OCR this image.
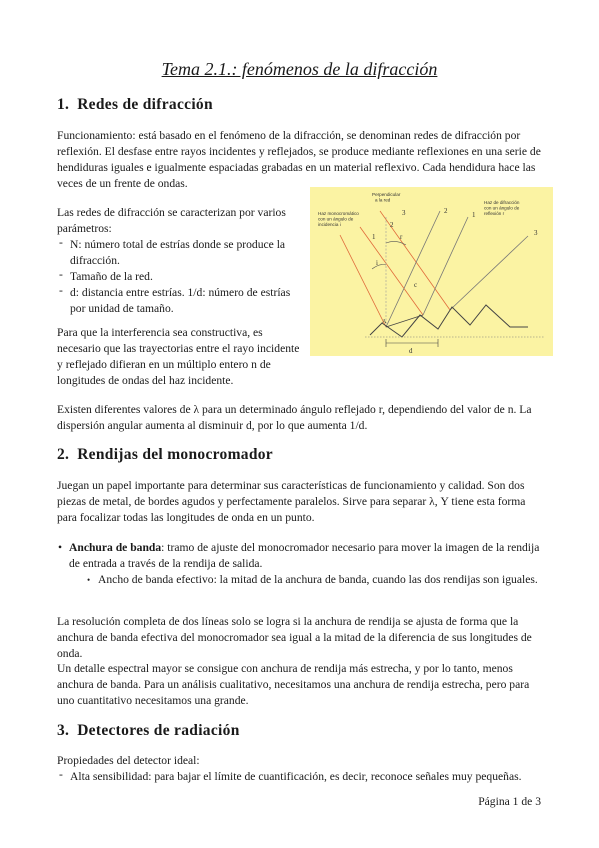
Tema 2.1.: fenómenos de la difracción
1. Redes de difracción

Funcionamiento: está basado en el fenómeno de la difracción, se denominan redes de difracción por reflexión. El desfase entre rayos incidentes y reflejados, se produce mediante reflexiones en una serie de hendiduras iguales e igualmente espaciadas grabadas en un material reflexivo. Cada hendidura hace las veces de un frente de ondas.

Las redes de difracción se caracterizan por varios parámetros:
- N: número total de estrías donde se produce la difracción.
- Tamaño de la red.
- d: distancia entre estrías. 1/d: número de estrías por unidad de tamaño.

Para que la interferencia sea constructiva, es necesario que las trayectorias entre el rayo incidente y reflejado difieran en un múltiplo entero n de longitudes de ondas del haz incidente.

Haz monocromático con un ángulo de incidencia i
Perpendicular a la red	Haz de difracción con un ángulo de reflexión r
1
2
3	1
2
3
i
r
c
A
d

Existen diferentes valores de λ para un determinado ángulo reflejado r, dependiendo del valor de n. La dispersión angular aumenta al disminuir d, por lo que aumenta 1/d.

2. Rendijas del monocromador

Juegan un papel importante para determinar sus características de funcionamiento y calidad. Son dos piezas de metal, de bordes agudos y perfectamente paralelos. Sirve para separar λ, Y tiene esta forma para focalizar todas las longitudes de onda en un punto.

• Anchura de banda: tramo de ajuste del monocromador necesario para mover la imagen de la rendija de entrada a través de la rendija de salida.
• Ancho de banda efectivo: la mitad de la anchura de banda, cuando las dos rendijas son iguales.

La resolución completa de dos líneas solo se logra si la anchura de rendija se ajusta de forma que la anchura de banda efectiva del monocromador sea igual a la mitad de la diferencia de sus longitudes de onda.

Un detalle espectral mayor se consigue con anchura de rendija más estrecha, y por lo tanto, menos anchura de banda. Para un análisis cualitativo, necesitamos una anchura de rendija estrecha, pero para uno cuantitativo necesitamos una grande.

3. Detectores de radiación
Propiedades del detector ideal:
- Alta sensibilidad: para bajar el límite de cuantificación, es decir, reconoce señales muy pequeñas.
Página 1 de 3
